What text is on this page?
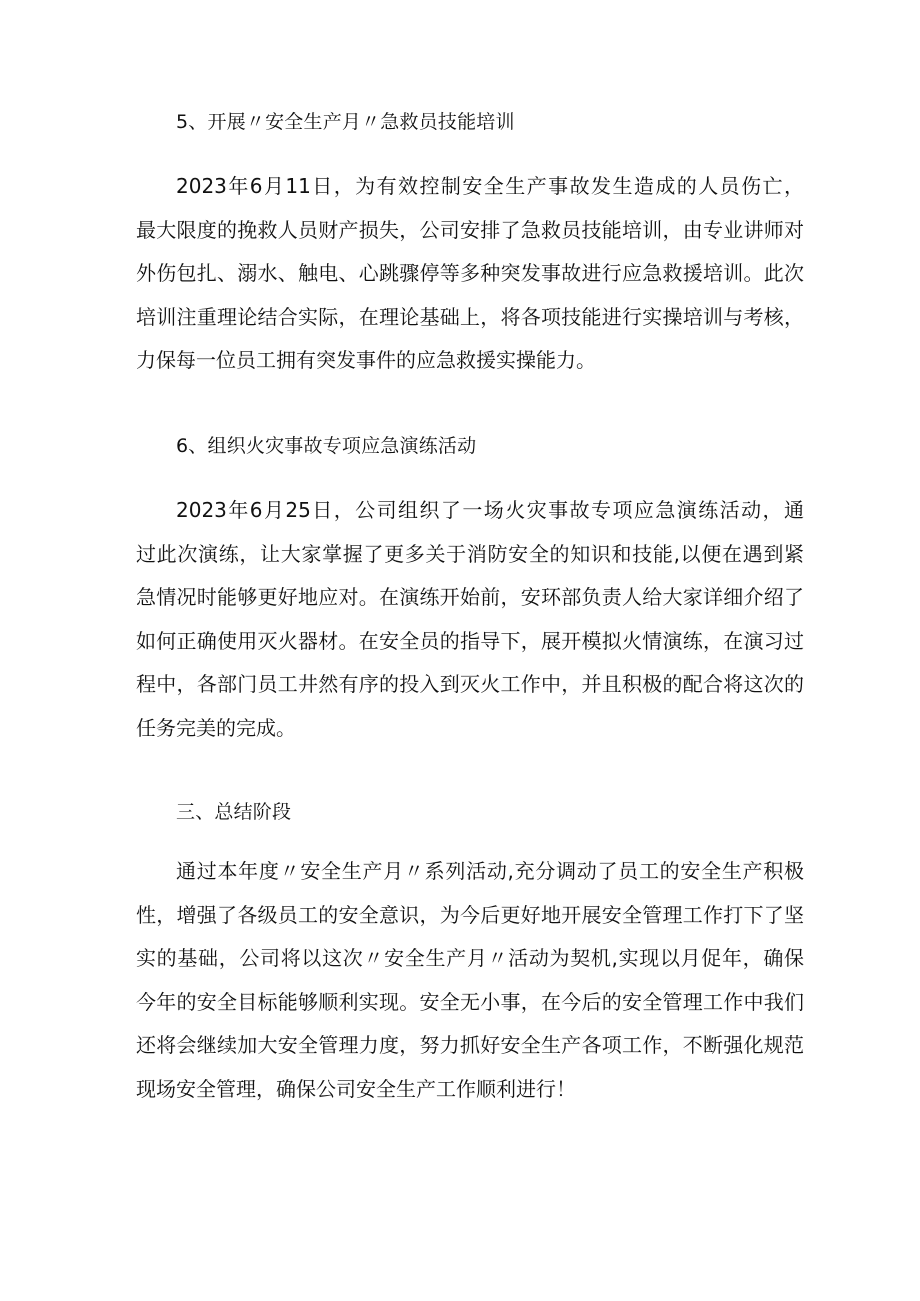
5、开展〃安全生产月〃急救员技能培训
2023年6月11日，为有效控制安全生产事故发生造成的人员伤亡，
最大限度的挽救人员财产损失，公司安排了急救员技能培训，由专业讲师对
外伤包扎、溺水、触电、心跳骤停等多种突发事故进行应急救援培训。此次
培训注重理论结合实际，在理论基础上，将各项技能进行实操培训与考核，
力保每一位员工拥有突发事件的应急救援实操能力。
6、组织火灾事故专项应急演练活动
2023年6月25日，公司组织了一场火灾事故专项应急演练活动，通
过此次演练，让大家掌握了更多关于消防安全的知识和技能,以便在遇到紧
急情况时能够更好地应对。在演练开始前，安环部负责人给大家详细介绍了
如何正确使用灭火器材。在安全员的指导下，展开模拟火情演练，在演习过
程中，各部门员工井然有序的投入到灭火工作中，并且积极的配合将这次的
任务完美的完成。
三、总结阶段
通过本年度〃安全生产月〃系列活动,充分调动了员工的安全生产积极
性，增强了各级员工的安全意识，为今后更好地开展安全管理工作打下了坚
实的基础，公司将以这次〃安全生产月〃活动为契机,实现以月促年，确保
今年的安全目标能够顺利实现。安全无小事，在今后的安全管理工作中我们
还将会继续加大安全管理力度，努力抓好安全生产各项工作，不断强化规范
现场安全管理，确保公司安全生产工作顺利进行！
